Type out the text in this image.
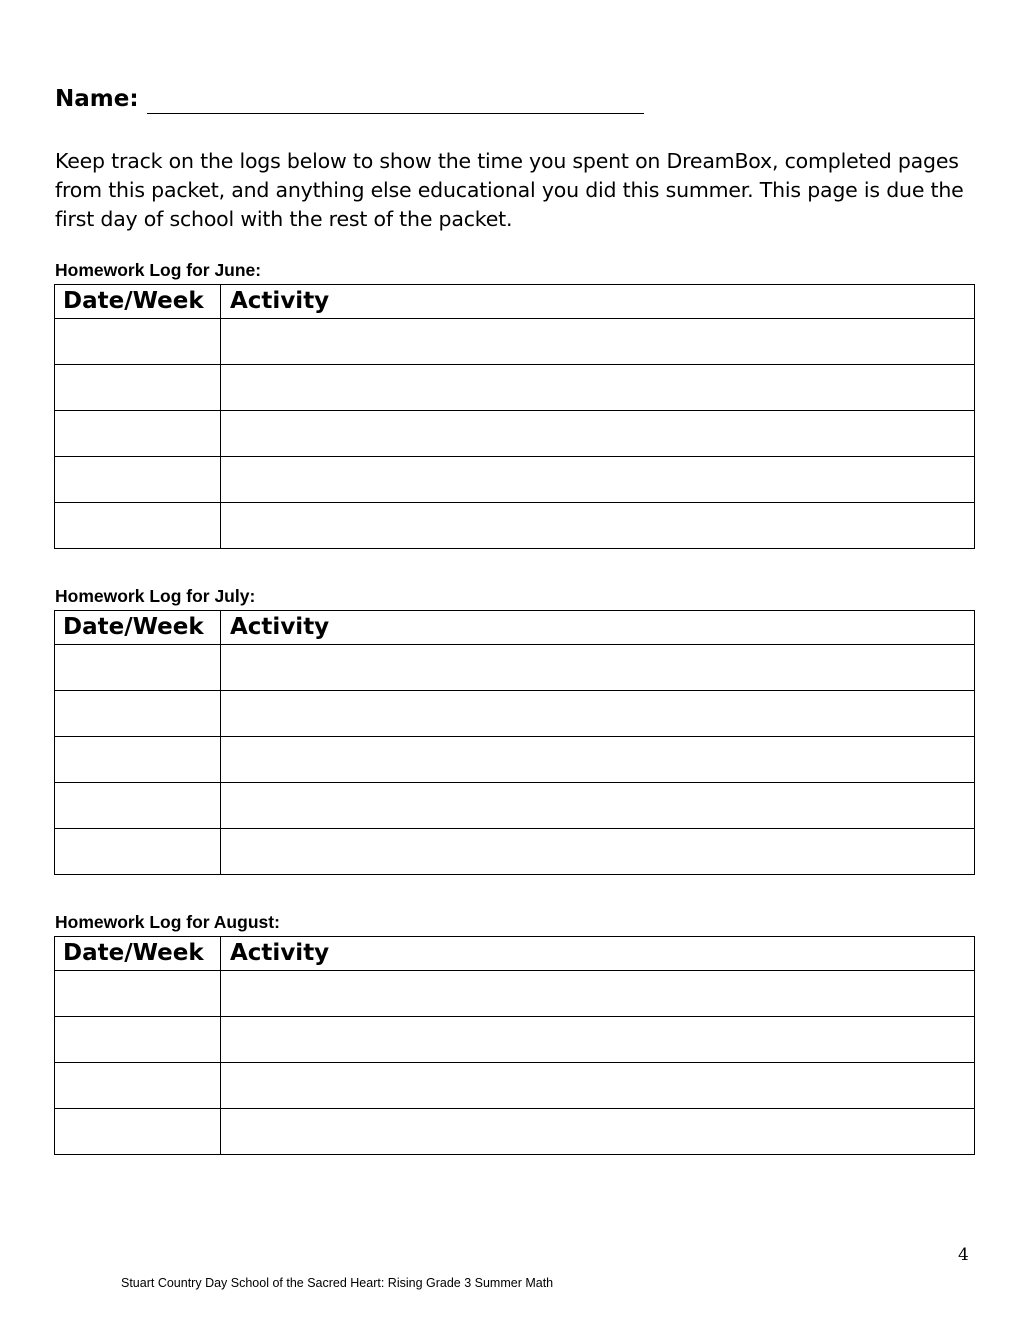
Name:
Keep track on the logs below to show the time you spent on DreamBox, completed pages from this packet, and anything else educational you did this summer. This page is due the first day of school with the rest of the packet.
Homework Log for June:
Date/Week	Activity

Homework Log for July:
Date/Week	Activity

Homework Log for August:
Date/Week	Activity

4
Stuart Country Day School of the Sacred Heart: Rising Grade 3 Summer Math
